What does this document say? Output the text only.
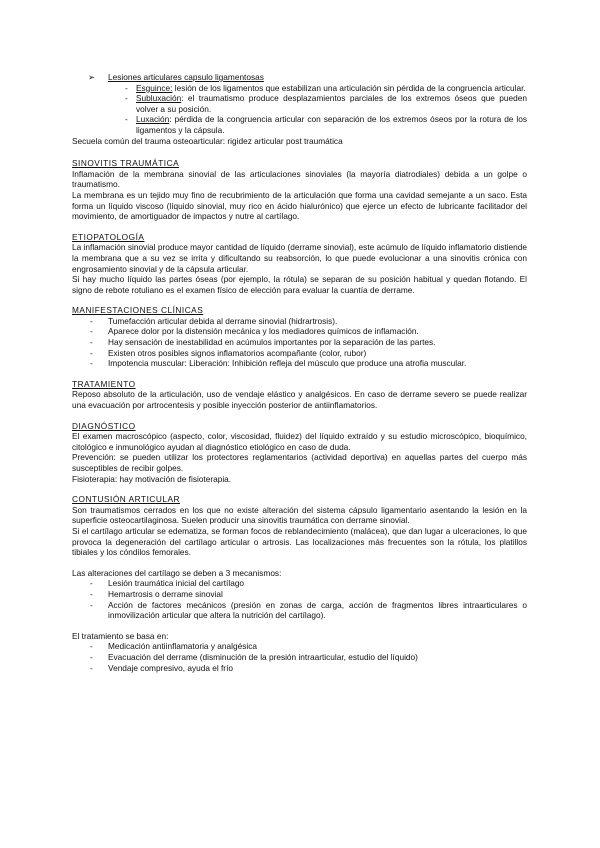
➢ Lesiones articulares capsulo ligamentosas

- Esguince: lesión de los ligamentos que estabilizan una articulación sin pérdida de la congruencia articular.

- Subluxación: el traumatismo produce desplazamientos parciales de los extremos óseos que pueden volver a su posición.

- Luxación: pérdida de la congruencia articular con separación de los extremos óseos por la rotura de los ligamentos y la cápsula.

Secuela común del trauma osteoarticular: rigidez articular post traumática

SINOVITIS TRAUMÁTICA

Inflamación de la membrana sinovial de las articulaciones sinoviales (la mayoría diatrodiales) debida a un golpe o traumatismo.

La membrana es un tejido muy fino de recubrimiento de la articulación que forma una cavidad semejante a un saco. Esta forma un líquido viscoso (líquido sinovial, muy rico en ácido hialurónico) que ejerce un efecto de lubricante facilitador del movimiento, de amortiguador de impactos y nutre al cartílago.

ETIOPATOLOGÍA

La inflamación sinovial produce mayor cantidad de líquido (derrame sinovial), este acúmulo de líquido inflamatorio distiende la membrana que a su vez se irrita y dificultando su reabsorción, lo que puede evolucionar a una sinovitis crónica con engrosamiento sinovial y de la cápsula articular.

Si hay mucho líquido las partes óseas (por ejemplo, la rótula) se separan de su posición habitual y quedan flotando. El signo de rebote rotuliano es el examen físico de elección para evaluar la cuantía de derrame.

MANIFESTACIONES CLÍNICAS

- Tumefacción articular debida al derrame sinovial (hidrartrosis).
- Aparece dolor por la distensión mecánica y los mediadores químicos de inflamación.
- Hay sensación de inestabilidad en acúmulos importantes por la separación de las partes.
- Existen otros posibles signos inflamatorios acompañante (color, rubor)
- Impotencia muscular: Liberación: Inhibición refleja del músculo que produce una atrofia muscular.

TRATAMIENTO

Reposo absoluto de la articulación, uso de vendaje elástico y analgésicos. En caso de derrame severo se puede realizar una evacuación por artrocentesis y posible inyección posterior de antiinflamatorios.

DIAGNÓSTICO

El examen macroscópico (aspecto, color, viscosidad, fluidez) del líquido extraído y su estudio microscópico, bioquímico, citológico e inmunológico ayudan al diagnóstico etiológico en caso de duda.

Prevención: se pueden utilizar los protectores reglamentarios (actividad deportiva) en aquellas partes del cuerpo más susceptibles de recibir golpes.

Fisioterapia: hay motivación de fisioterapia.

CONTUSIÓN ARTICULAR

Son traumatismos cerrados en los que no existe alteración del sistema cápsulo ligamentario asentando la lesión en la superficie osteocartilaginosa. Suelen producir una sinovitis traumática con derrame sinovial.

Si el cartílago articular se edematiza, se forman focos de reblandecimiento (malácea), que dan lugar a ulceraciones, lo que provoca la degeneración del cartílago articular o artrosis. Las localizaciones más frecuentes son la rótula, los platillos tibiales y los cóndilos femorales.

Las alteraciones del cartílago se deben a 3 mecanismos:

- Lesión traumática inicial del cartílago
- Hemartrosis o derrame sinovial
- Acción de factores mecánicos (presión en zonas de carga, acción de fragmentos libres intraarticulares o inmovilización articular que altera la nutrición del cartílago).

El tratamiento se basa en:

- Medicación antiinflamatoria y analgésica
- Evacuación del derrame (disminución de la presión intraarticular, estudio del líquido)
- Vendaje compresivo, ayuda el frío
